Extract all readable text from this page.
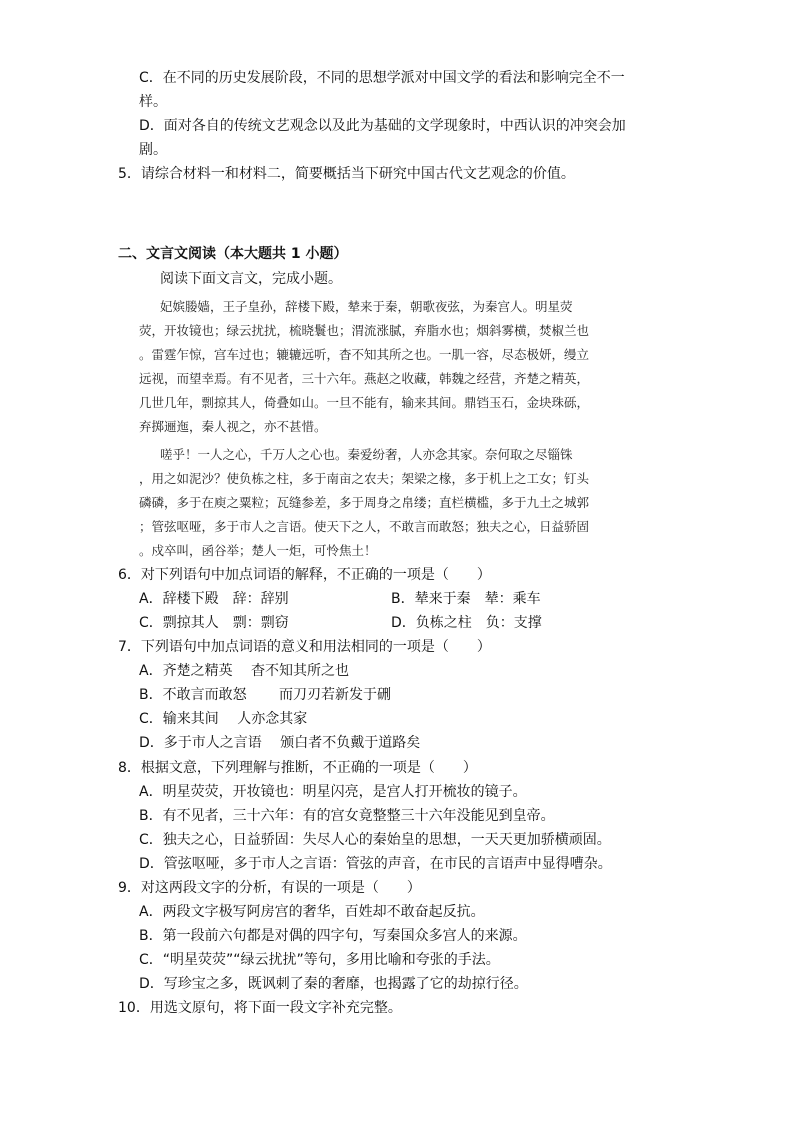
C．在不同的历史发展阶段，不同的思想学派对中国文学的看法和影响完全不一
样。
D．面对各自的传统文艺观念以及此为基础的文学现象时，中西认识的冲突会加
剧。
5．请综合材料一和材料二，简要概括当下研究中国古代文艺观念的价值。
二、文言文阅读（本大题共 1 小题）
阅读下面文言文，完成小题。
妃嫔媵嫱，王子皇孙，辞楼下殿，辇来于秦，朝歌夜弦，为秦宫人。明星荧
荧，开妆镜也；绿云扰扰，梳晓鬟也；渭流涨腻，弃脂水也；烟斜雾横，焚椒兰也
。雷霆乍惊，宫车过也；辘辘远听，杳不知其所之也。一肌一容，尽态极妍，缦立
远视，而望幸焉。有不见者，三十六年。燕赵之收藏，韩魏之经营，齐楚之精英，
几世几年，剽掠其人，倚叠如山。一旦不能有，输来其间。鼎铛玉石，金块珠砾，
弃掷逦迤，秦人视之，亦不甚惜。
嗟乎！一人之心，千万人之心也。秦爱纷奢，人亦念其家。奈何取之尽锱铢
，用之如泥沙？使负栋之柱，多于南亩之农夫；架梁之椽，多于机上之工女；钉头
磷磷，多于在庾之粟粒；瓦缝参差，多于周身之帛缕；直栏横槛，多于九土之城郭
；管弦呕哑，多于市人之言语。使天下之人，不敢言而敢怒；独夫之心，日益骄固
。戍卒叫，函谷举；楚人一炬，可怜焦土！
6．对下列语句中加点词语的解释，不正确的一项是（　　）
A．辞楼下殿　辞：辞别	B．辇来于秦　辇：乘车
C．剽掠其人　剽：剽窃	D．负栋之柱　负：支撑
7．下列语句中加点词语的意义和用法相同的一项是（　　）
A．齐楚之精英　 杳不知其所之也
B．不敢言而敢怒　　 而刀刃若新发于硎
C．输来其间　 人亦念其家
D．多于市人之言语　 颁白者不负戴于道路矣
8．根据文意，下列理解与推断，不正确的一项是（　　）
A．明星荧荧，开妆镜也：明星闪亮，是宫人打开梳妆的镜子。
B．有不见者，三十六年：有的宫女竟整整三十六年没能见到皇帝。
C．独夫之心，日益骄固：失尽人心的秦始皇的思想，一天天更加骄横顽固。
D．管弦呕哑，多于市人之言语：管弦的声音，在市民的言语声中显得嘈杂。
9．对这两段文字的分析，有误的一项是（　　）
A．两段文字极写阿房宫的奢华，百姓却不敢奋起反抗。
B．第一段前六句都是对偶的四字句，写秦国众多宫人的来源。
C．“明星荧荧”“绿云扰扰”等句，多用比喻和夸张的手法。
D．写珍宝之多，既讽刺了秦的奢靡，也揭露了它的劫掠行径。
10．用选文原句，将下面一段文字补充完整。
